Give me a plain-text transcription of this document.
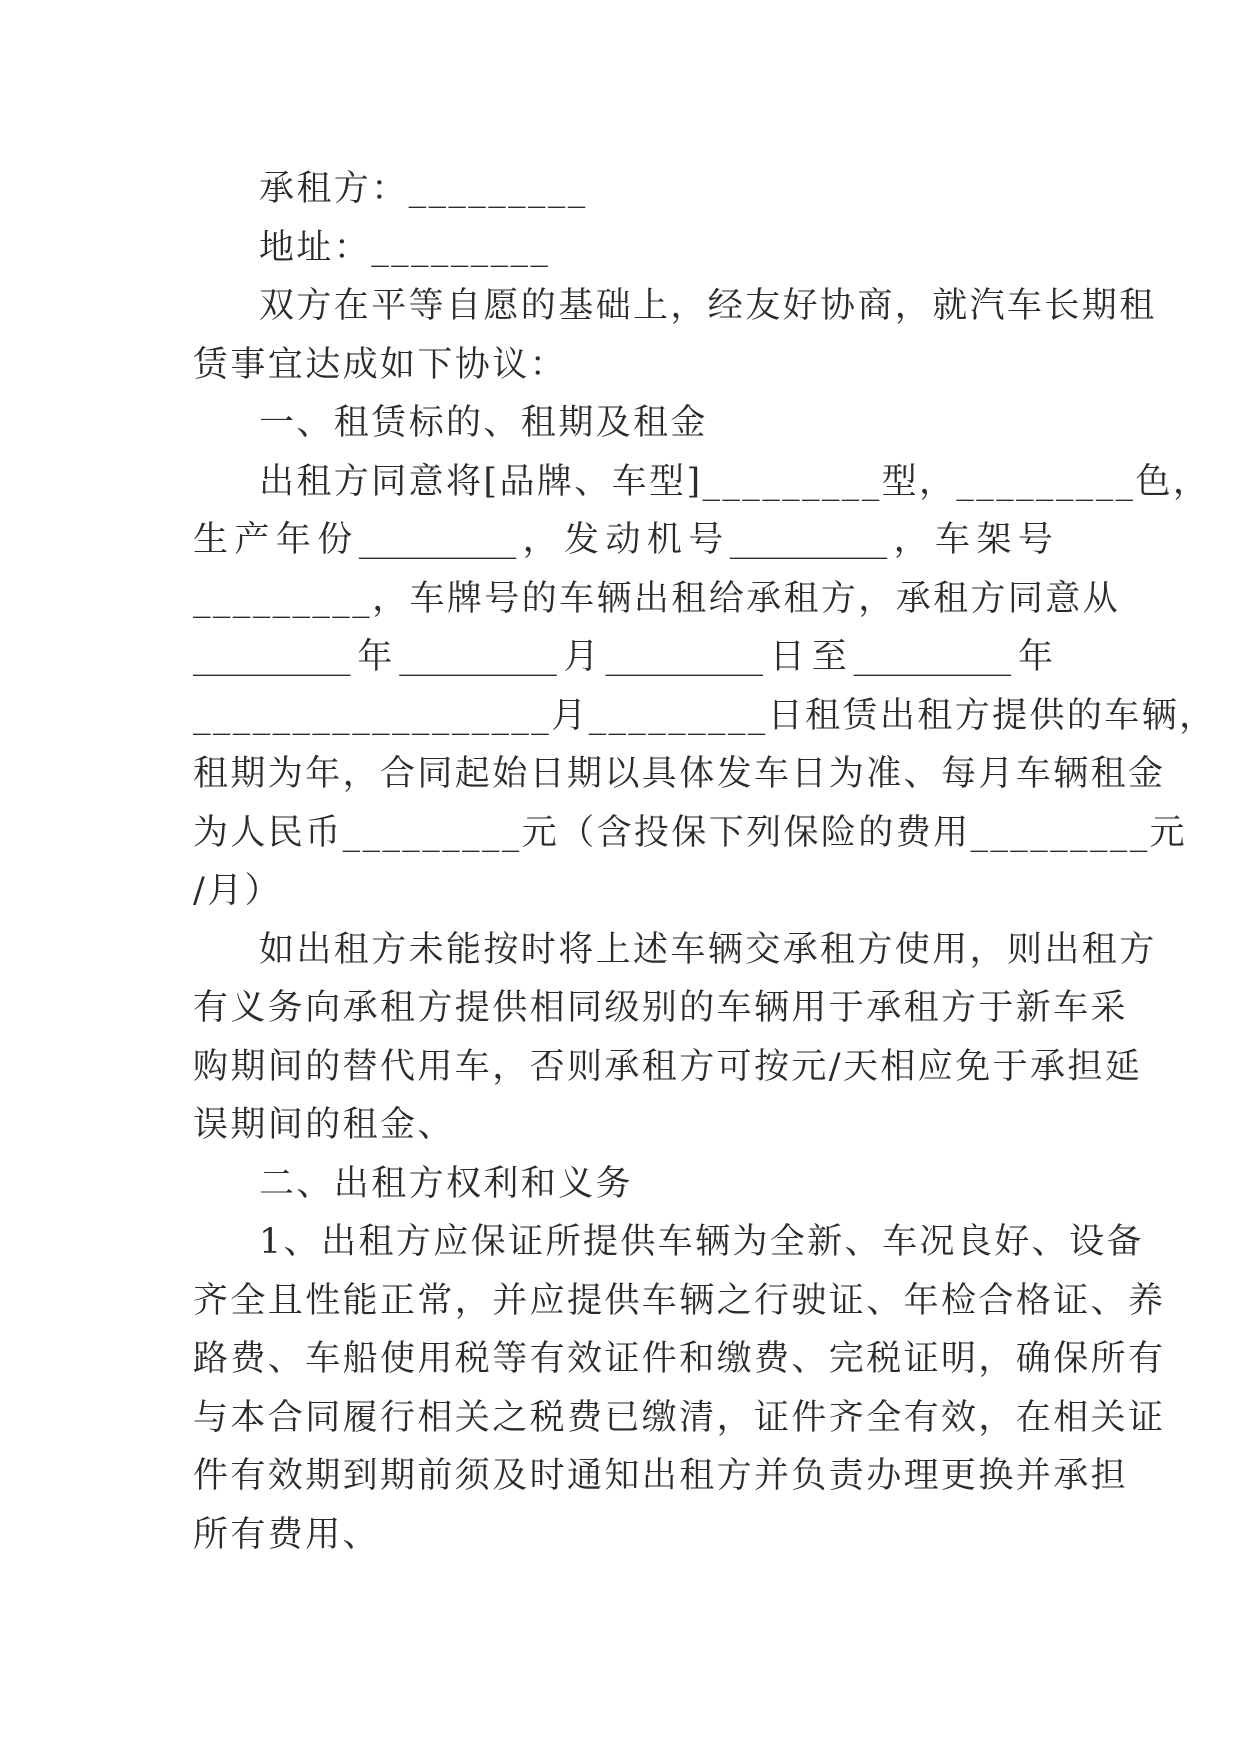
承租方：_________
地址：_________
双方在平等自愿的基础上，经友好协商，就汽车长期租
赁事宜达成如下协议：
一、租赁标的、租期及租金
出租方同意将[品牌、车型]_________型，_________色，
生 产 年 份 _________ ， 发 动 机 号 _________ ， 车 架 号
_________，车牌号的车辆出租给承租方，承租方同意从
_________ 年 _________ 月 _________ 日 至 _________ 年
__________________月_________日租赁出租方提供的车辆，
租期为年，合同起始日期以具体发车日为准、每月车辆租金
为人民币_________元（含投保下列保险的费用_________元
/月）
如出租方未能按时将上述车辆交承租方使用，则出租方
有义务向承租方提供相同级别的车辆用于承租方于新车采
购期间的替代用车，否则承租方可按元/天相应免于承担延
误期间的租金、
二、出租方权利和义务
1、出租方应保证所提供车辆为全新、车况良好、设备
齐全且性能正常，并应提供车辆之行驶证、年检合格证、养
路费、车船使用税等有效证件和缴费、完税证明，确保所有
与本合同履行相关之税费已缴清，证件齐全有效，在相关证
件有效期到期前须及时通知出租方并负责办理更换并承担
所有费用、
